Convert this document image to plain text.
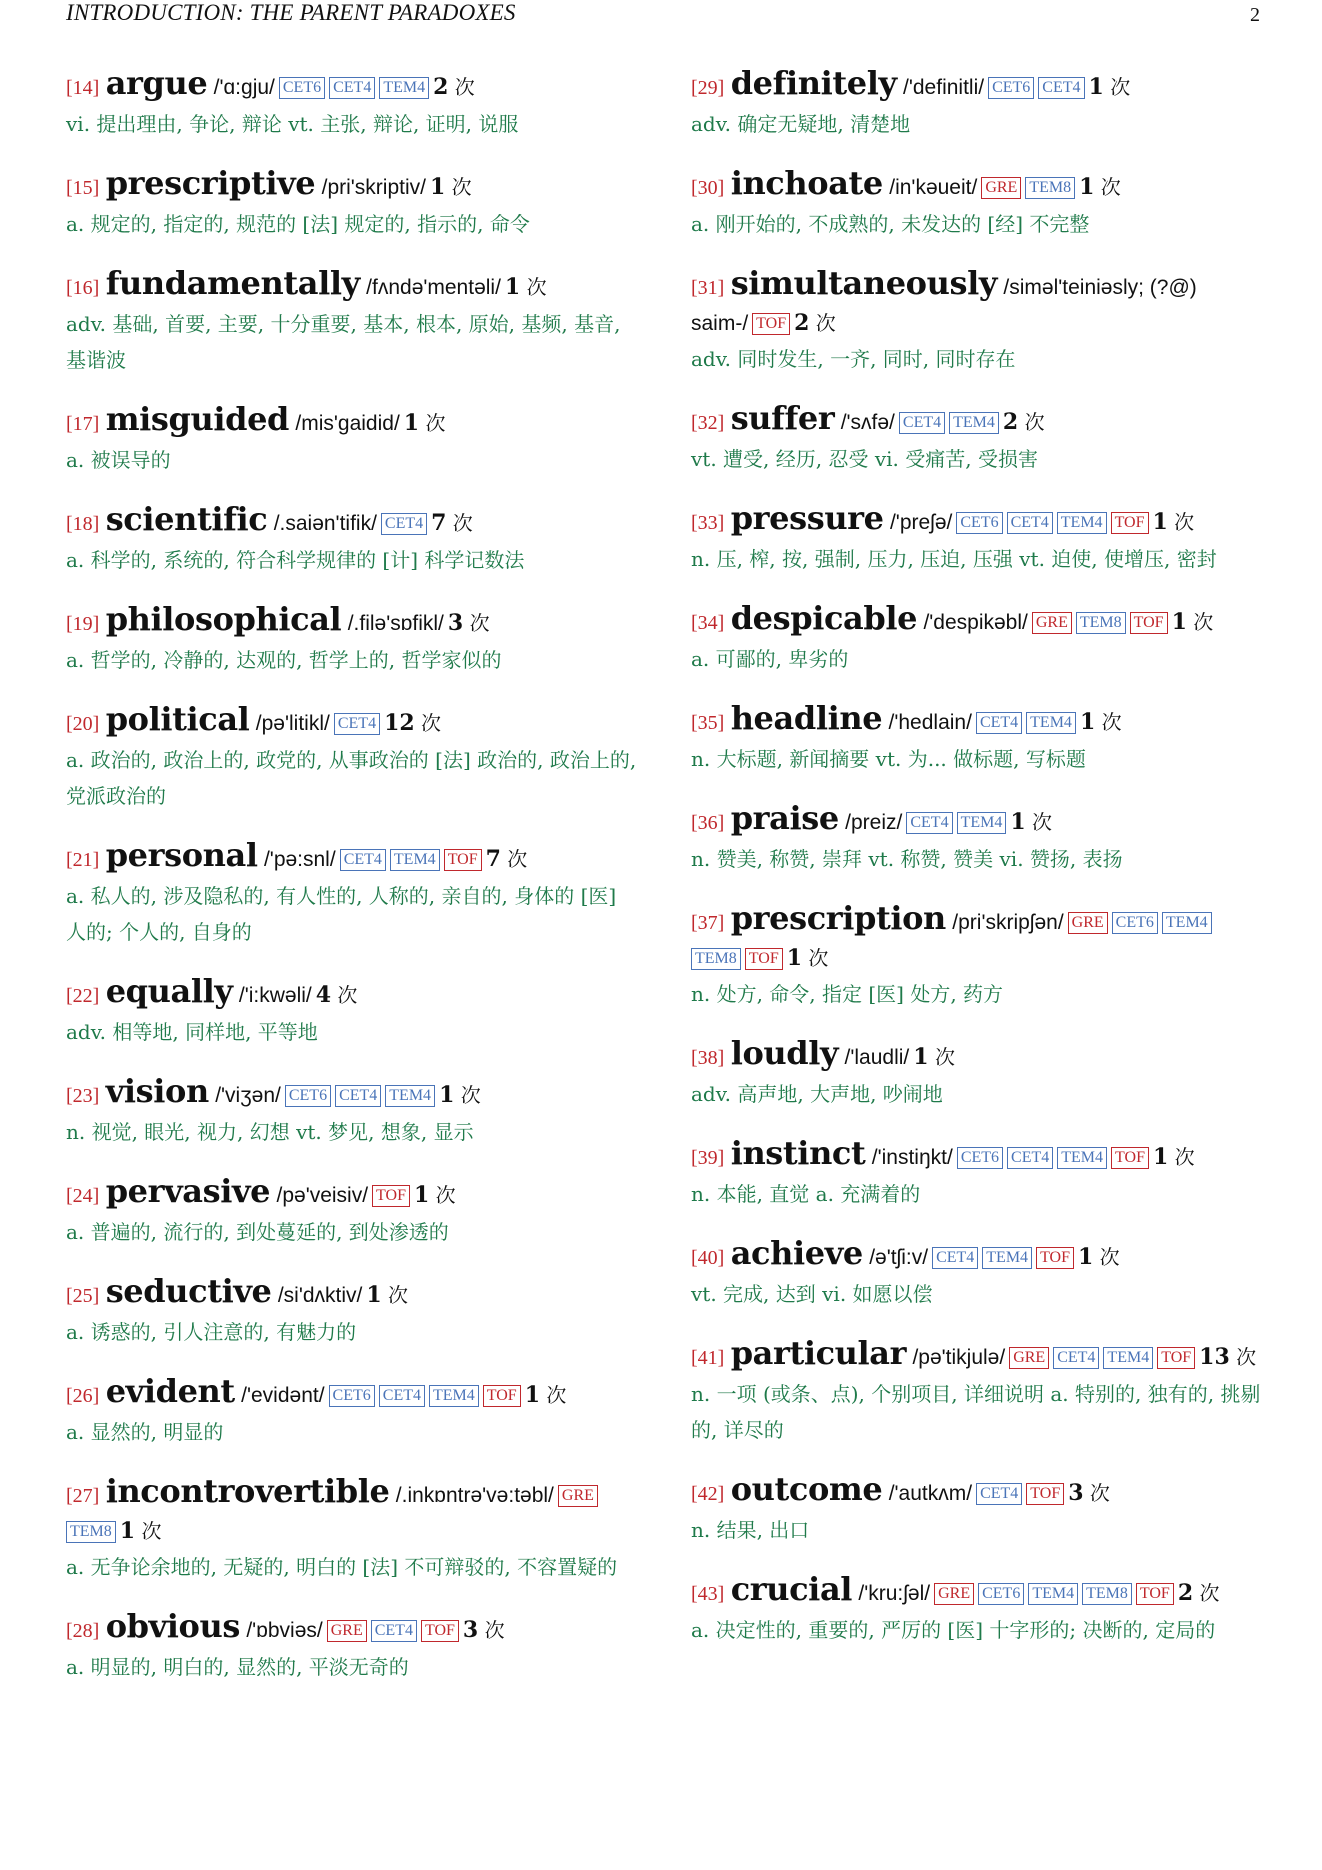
INTRODUCTION: THE PARENT PARADOXES	2
[14] argue /'ɑ:gju/ CET6 CET4 TEM4 2 次
vi. 提出理由, 争论, 辩论 vt. 主张, 辩论, 证明, 说服
[15] prescriptive /pri'skriptiv/ 1 次
a. 规定的, 指定的, 规范的 [法] 规定的, 指示的, 命令
[16] fundamentally /fʌndə'mentəli/ 1 次
adv. 基础, 首要, 主要, 十分重要, 基本, 根本, 原始, 基频, 基音, 基谐波
[17] misguided /mis'gaidid/ 1 次
a. 被误导的
[18] scientific /.saiən'tifik/ CET4 7 次
a. 科学的, 系统的, 符合科学规律的 [计] 科学记数法
[19] philosophical /.filə'sɒfikl/ 3 次
a. 哲学的, 冷静的, 达观的, 哲学上的, 哲学家似的
[20] political /pə'litikl/ CET4 12 次
a. 政治的, 政治上的, 政党的, 从事政治的 [法] 政治的, 政治上的, 党派政治的
[21] personal /'pə:snl/ CET4 TEM4 TOF 7 次
a. 私人的, 涉及隐私的, 有人性的, 人称的, 亲自的, 身体的 [医] 人的; 个人的, 自身的
[22] equally /'i:kwəli/ 4 次
adv. 相等地, 同样地, 平等地
[23] vision /'viʒən/ CET6 CET4 TEM4 1 次
n. 视觉, 眼光, 视力, 幻想 vt. 梦见, 想象, 显示
[24] pervasive /pə'veisiv/ TOF 1 次
a. 普遍的, 流行的, 到处蔓延的, 到处渗透的
[25] seductive /si'dʌktiv/ 1 次
a. 诱惑的, 引人注意的, 有魅力的
[26] evident /'evidənt/ CET6 CET4 TEM4 TOF 1 次
a. 显然的, 明显的
[27] incontrovertible /.inkɒntrə'və:təbl/ GRETEM8 1 次
a. 无争论余地的, 无疑的, 明白的 [法] 不可辩驳的, 不容置疑的
[28] obvious /'ɒbviəs/ GRE CET4 TOF 3 次
a. 明显的, 明白的, 显然的, 平淡无奇的
[29] definitely /'definitli/ CET6 CET4 1 次
adv. 确定无疑地, 清楚地
[30] inchoate /in'kəueit/ GRE TEM8 1 次
a. 刚开始的, 不成熟的, 未发达的 [经] 不完整
[31] simultaneously /siməl'teiniəsly; (?@) saim-/ TOF 2 次
adv. 同时发生, 一齐, 同时, 同时存在
[32] suffer /'sʌfə/ CET4 TEM4 2 次
vt. 遭受, 经历, 忍受 vi. 受痛苦, 受损害
[33] pressure /'preʃə/ CET6 CET4 TEM4 TOF 1 次
n. 压, 榨, 按, 强制, 压力, 压迫, 压强 vt. 迫使, 使增压, 密封
[34] despicable /'despikəbl/ GRE TEM8 TOF 1 次
a. 可鄙的, 卑劣的
[35] headline /'hedlain/ CET4 TEM4 1 次
n. 大标题, 新闻摘要 vt. 为... 做标题, 写标题
[36] praise /preiz/ CET4 TEM4 1 次
n. 赞美, 称赞, 崇拜 vt. 称赞, 赞美 vi. 赞扬, 表扬
[37] prescription /pri'skripʃən/ GRE CET6 TEM4TEM8 TOF 1 次
n. 处方, 命令, 指定 [医] 处方, 药方
[38] loudly /'laudli/ 1 次
adv. 高声地, 大声地, 吵闹地
[39] instinct /'instiŋkt/ CET6 CET4 TEM4 TOF 1 次
n. 本能, 直觉 a. 充满着的
[40] achieve /ə'tʃi:v/ CET4 TEM4 TOF 1 次
vt. 完成, 达到 vi. 如愿以偿
[41] particular /pə'tikjulə/ GRE CET4 TEM4 TOF 13 次
n. 一项 (或条、点), 个别项目, 详细说明 a. 特别的, 独有的, 挑剔的, 详尽的
[42] outcome /'autkʌm/ CET4 TOF 3 次
n. 结果, 出口
[43] crucial /'kru:ʃəl/ GRE CET6 TEM4 TEM8 TOF 2 次
a. 决定性的, 重要的, 严厉的 [医] 十字形的; 决断的, 定局的
